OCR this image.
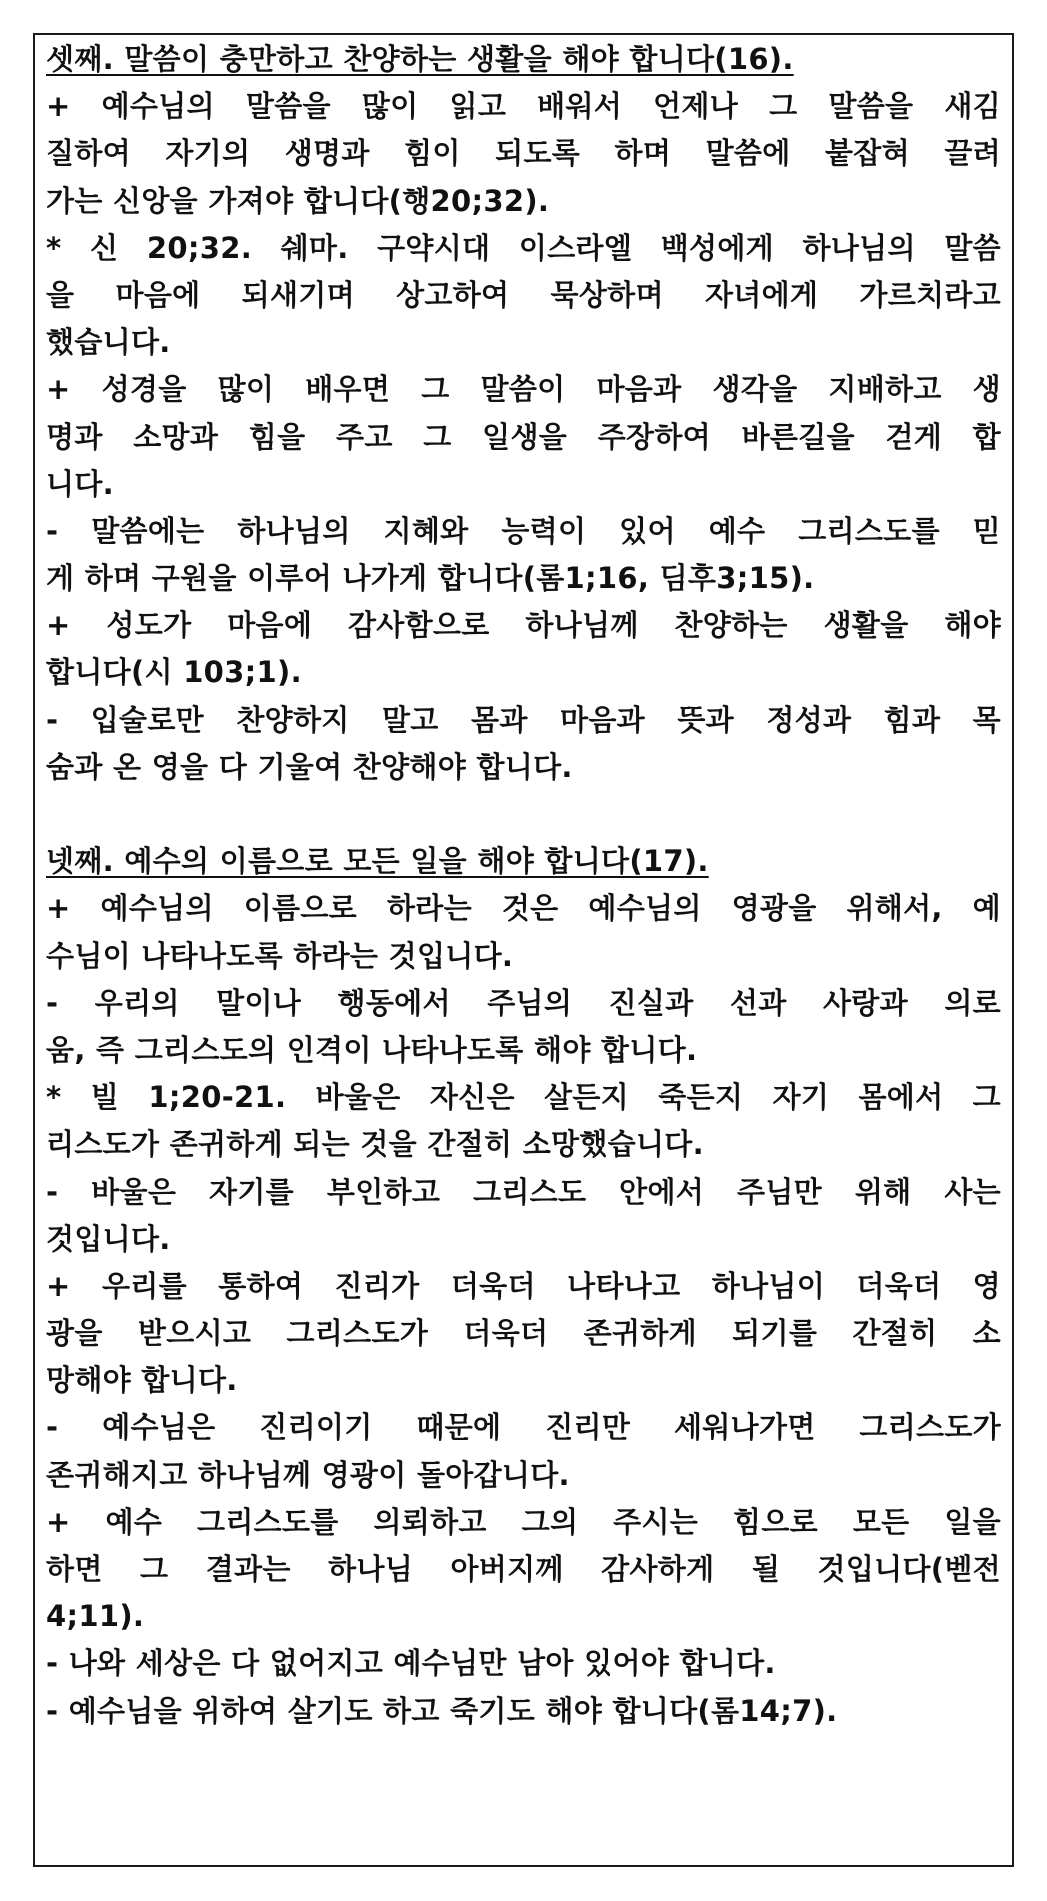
셋째. 말씀이 충만하고 찬양하는 생활을 해야 합니다(16).
+ 예수님의 말씀을 많이 읽고 배워서 언제나 그 말씀을 새김
질하여 자기의 생명과 힘이 되도록 하며 말씀에 붙잡혀 끌려
가는 신앙을 가져야 합니다(행20;32).
* 신 20;32. 쉐마. 구약시대 이스라엘 백성에게 하나님의 말씀
을 마음에 되새기며 상고하여 묵상하며 자녀에게 가르치라고
했습니다.
+ 성경을 많이 배우면 그 말씀이 마음과 생각을 지배하고 생
명과 소망과 힘을 주고 그 일생을 주장하여 바른길을 걷게 합
니다.
- 말씀에는 하나님의 지혜와 능력이 있어 예수 그리스도를 믿
게 하며 구원을 이루어 나가게 합니다(롬1;16, 딤후3;15).
+ 성도가 마음에 감사함으로 하나님께 찬양하는 생활을 해야
합니다(시 103;1).
- 입술로만 찬양하지 말고 몸과 마음과 뜻과 정성과 힘과 목
숨과 온 영을 다 기울여 찬양해야 합니다.
넷째. 예수의 이름으로 모든 일을 해야 합니다(17).
+ 예수님의 이름으로 하라는 것은 예수님의 영광을 위해서, 예
수님이 나타나도록 하라는 것입니다.
- 우리의 말이나 행동에서 주님의 진실과 선과 사랑과 의로
움, 즉 그리스도의 인격이 나타나도록 해야 합니다.
* 빌 1;20-21. 바울은 자신은 살든지 죽든지 자기 몸에서 그
리스도가 존귀하게 되는 것을 간절히 소망했습니다.
- 바울은 자기를 부인하고 그리스도 안에서 주님만 위해 사는
것입니다.
+ 우리를 통하여 진리가 더욱더 나타나고 하나님이 더욱더 영
광을 받으시고 그리스도가 더욱더 존귀하게 되기를 간절히 소
망해야 합니다.
- 예수님은 진리이기 때문에 진리만 세워나가면 그리스도가
존귀해지고 하나님께 영광이 돌아갑니다.
+ 예수 그리스도를 의뢰하고 그의 주시는 힘으로 모든 일을
하면 그 결과는 하나님 아버지께 감사하게 될 것입니다(벧전
4;11).
- 나와 세상은 다 없어지고 예수님만 남아 있어야 합니다.
- 예수님을 위하여 살기도 하고 죽기도 해야 합니다(롬14;7).
